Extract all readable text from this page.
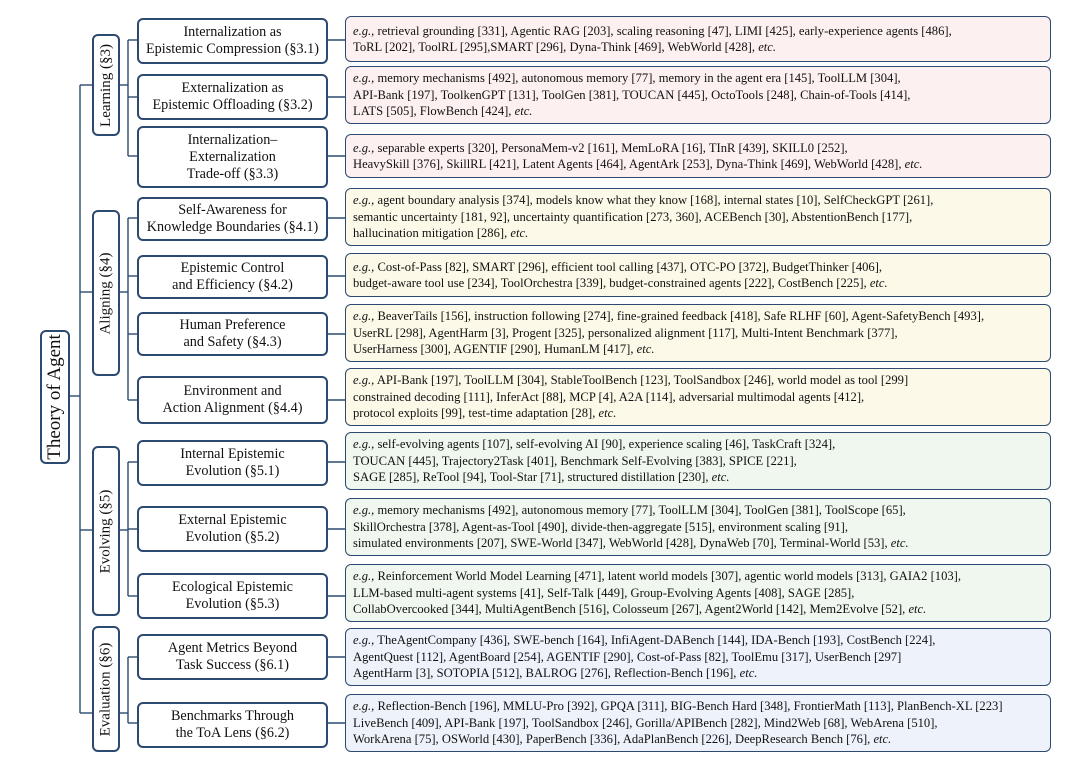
Theory of Agent
Learning (§3)
Aligning (§4)
Evolving (§5)
Evaluation (§6)
Internalization as
Epistemic Compression (§3.1)
e.g., retrieval grounding [331], Agentic RAG [203], scaling reasoning [47], LIMI [425], early-experience agents [486],
ToRL [202], ToolRL [295],SMART [296], Dyna-Think [469], WebWorld [428], etc.
Externalization as
Epistemic Offloading (§3.2)
e.g., memory mechanisms [492], autonomous memory [77], memory in the agent era [145], ToolLLM [304],
API-Bank [197], ToolkenGPT [131], ToolGen [381], TOUCAN [445], OctoTools [248], Chain-of-Tools [414],
LATS [505], FlowBench [424], etc.
Internalization–
Externalization
Trade-off (§3.3)
e.g., separable experts [320], PersonaMem-v2 [161], MemLoRA [16], TInR [439], SKILL0 [252],
HeavySkill [376], SkillRL [421], Latent Agents [464], AgentArk [253], Dyna-Think [469], WebWorld [428], etc.
Self-Awareness for
Knowledge Boundaries (§4.1)
e.g., agent boundary analysis [374], models know what they know [168], internal states [10], SelfCheckGPT [261],
semantic uncertainty [181, 92], uncertainty quantification [273, 360], ACEBench [30], AbstentionBench [177],
hallucination mitigation [286], etc.
Epistemic Control
and Efficiency (§4.2)
e.g., Cost-of-Pass [82], SMART [296], efficient tool calling [437], OTC-PO [372], BudgetThinker [406],
budget-aware tool use [234], ToolOrchestra [339], budget-constrained agents [222], CostBench [225], etc.
Human Preference
and Safety (§4.3)
e.g., BeaverTails [156], instruction following [274], fine-grained feedback [418], Safe RLHF [60], Agent-SafetyBench [493],
UserRL [298], AgentHarm [3], Progent [325], personalized alignment [117], Multi-Intent Benchmark [377],
UserHarness [300], AGENTIF [290], HumanLM [417], etc.
Environment and
Action Alignment (§4.4)
e.g., API-Bank [197], ToolLLM [304], StableToolBench [123], ToolSandbox [246], world model as tool [299]
constrained decoding [111], InferAct [88], MCP [4], A2A [114], adversarial multimodal agents [412],
protocol exploits [99], test-time adaptation [28], etc.
Internal Epistemic
Evolution (§5.1)
e.g., self-evolving agents [107], self-evolving AI [90], experience scaling [46], TaskCraft [324],
TOUCAN [445], Trajectory2Task [401], Benchmark Self-Evolving [383], SPICE [221],
SAGE [285], ReTool [94], Tool-Star [71], structured distillation [230], etc.
External Epistemic
Evolution (§5.2)
e.g., memory mechanisms [492], autonomous memory [77], ToolLLM [304], ToolGen [381], ToolScope [65],
SkillOrchestra [378], Agent-as-Tool [490], divide-then-aggregate [515], environment scaling [91],
simulated environments [207], SWE-World [347], WebWorld [428], DynaWeb [70], Terminal-World [53], etc.
Ecological Epistemic
Evolution (§5.3)
e.g., Reinforcement World Model Learning [471], latent world models [307], agentic world models [313], GAIA2 [103],
LLM-based multi-agent systems [41], Self-Talk [449], Group-Evolving Agents [408], SAGE [285],
CollabOvercooked [344], MultiAgentBench [516], Colosseum [267], Agent2World [142], Mem2Evolve [52], etc.
Agent Metrics Beyond
Task Success (§6.1)
e.g., TheAgentCompany [436], SWE-bench [164], InfiAgent-DABench [144], IDA-Bench [193], CostBench [224],
AgentQuest [112], AgentBoard [254], AGENTIF [290], Cost-of-Pass [82], ToolEmu [317], UserBench [297]
AgentHarm [3], SOTOPIA [512], BALROG [276], Reflection-Bench [196], etc.
Benchmarks Through
the ToA Lens (§6.2)
e.g., Reflection-Bench [196], MMLU-Pro [392], GPQA [311], BIG-Bench Hard [348], FrontierMath [113], PlanBench-XL [223]
LiveBench [409], API-Bank [197], ToolSandbox [246], Gorilla/APIBench [282], Mind2Web [68], WebArena [510],
WorkArena [75], OSWorld [430], PaperBench [336], AdaPlanBench [226], DeepResearch Bench [76], etc.
